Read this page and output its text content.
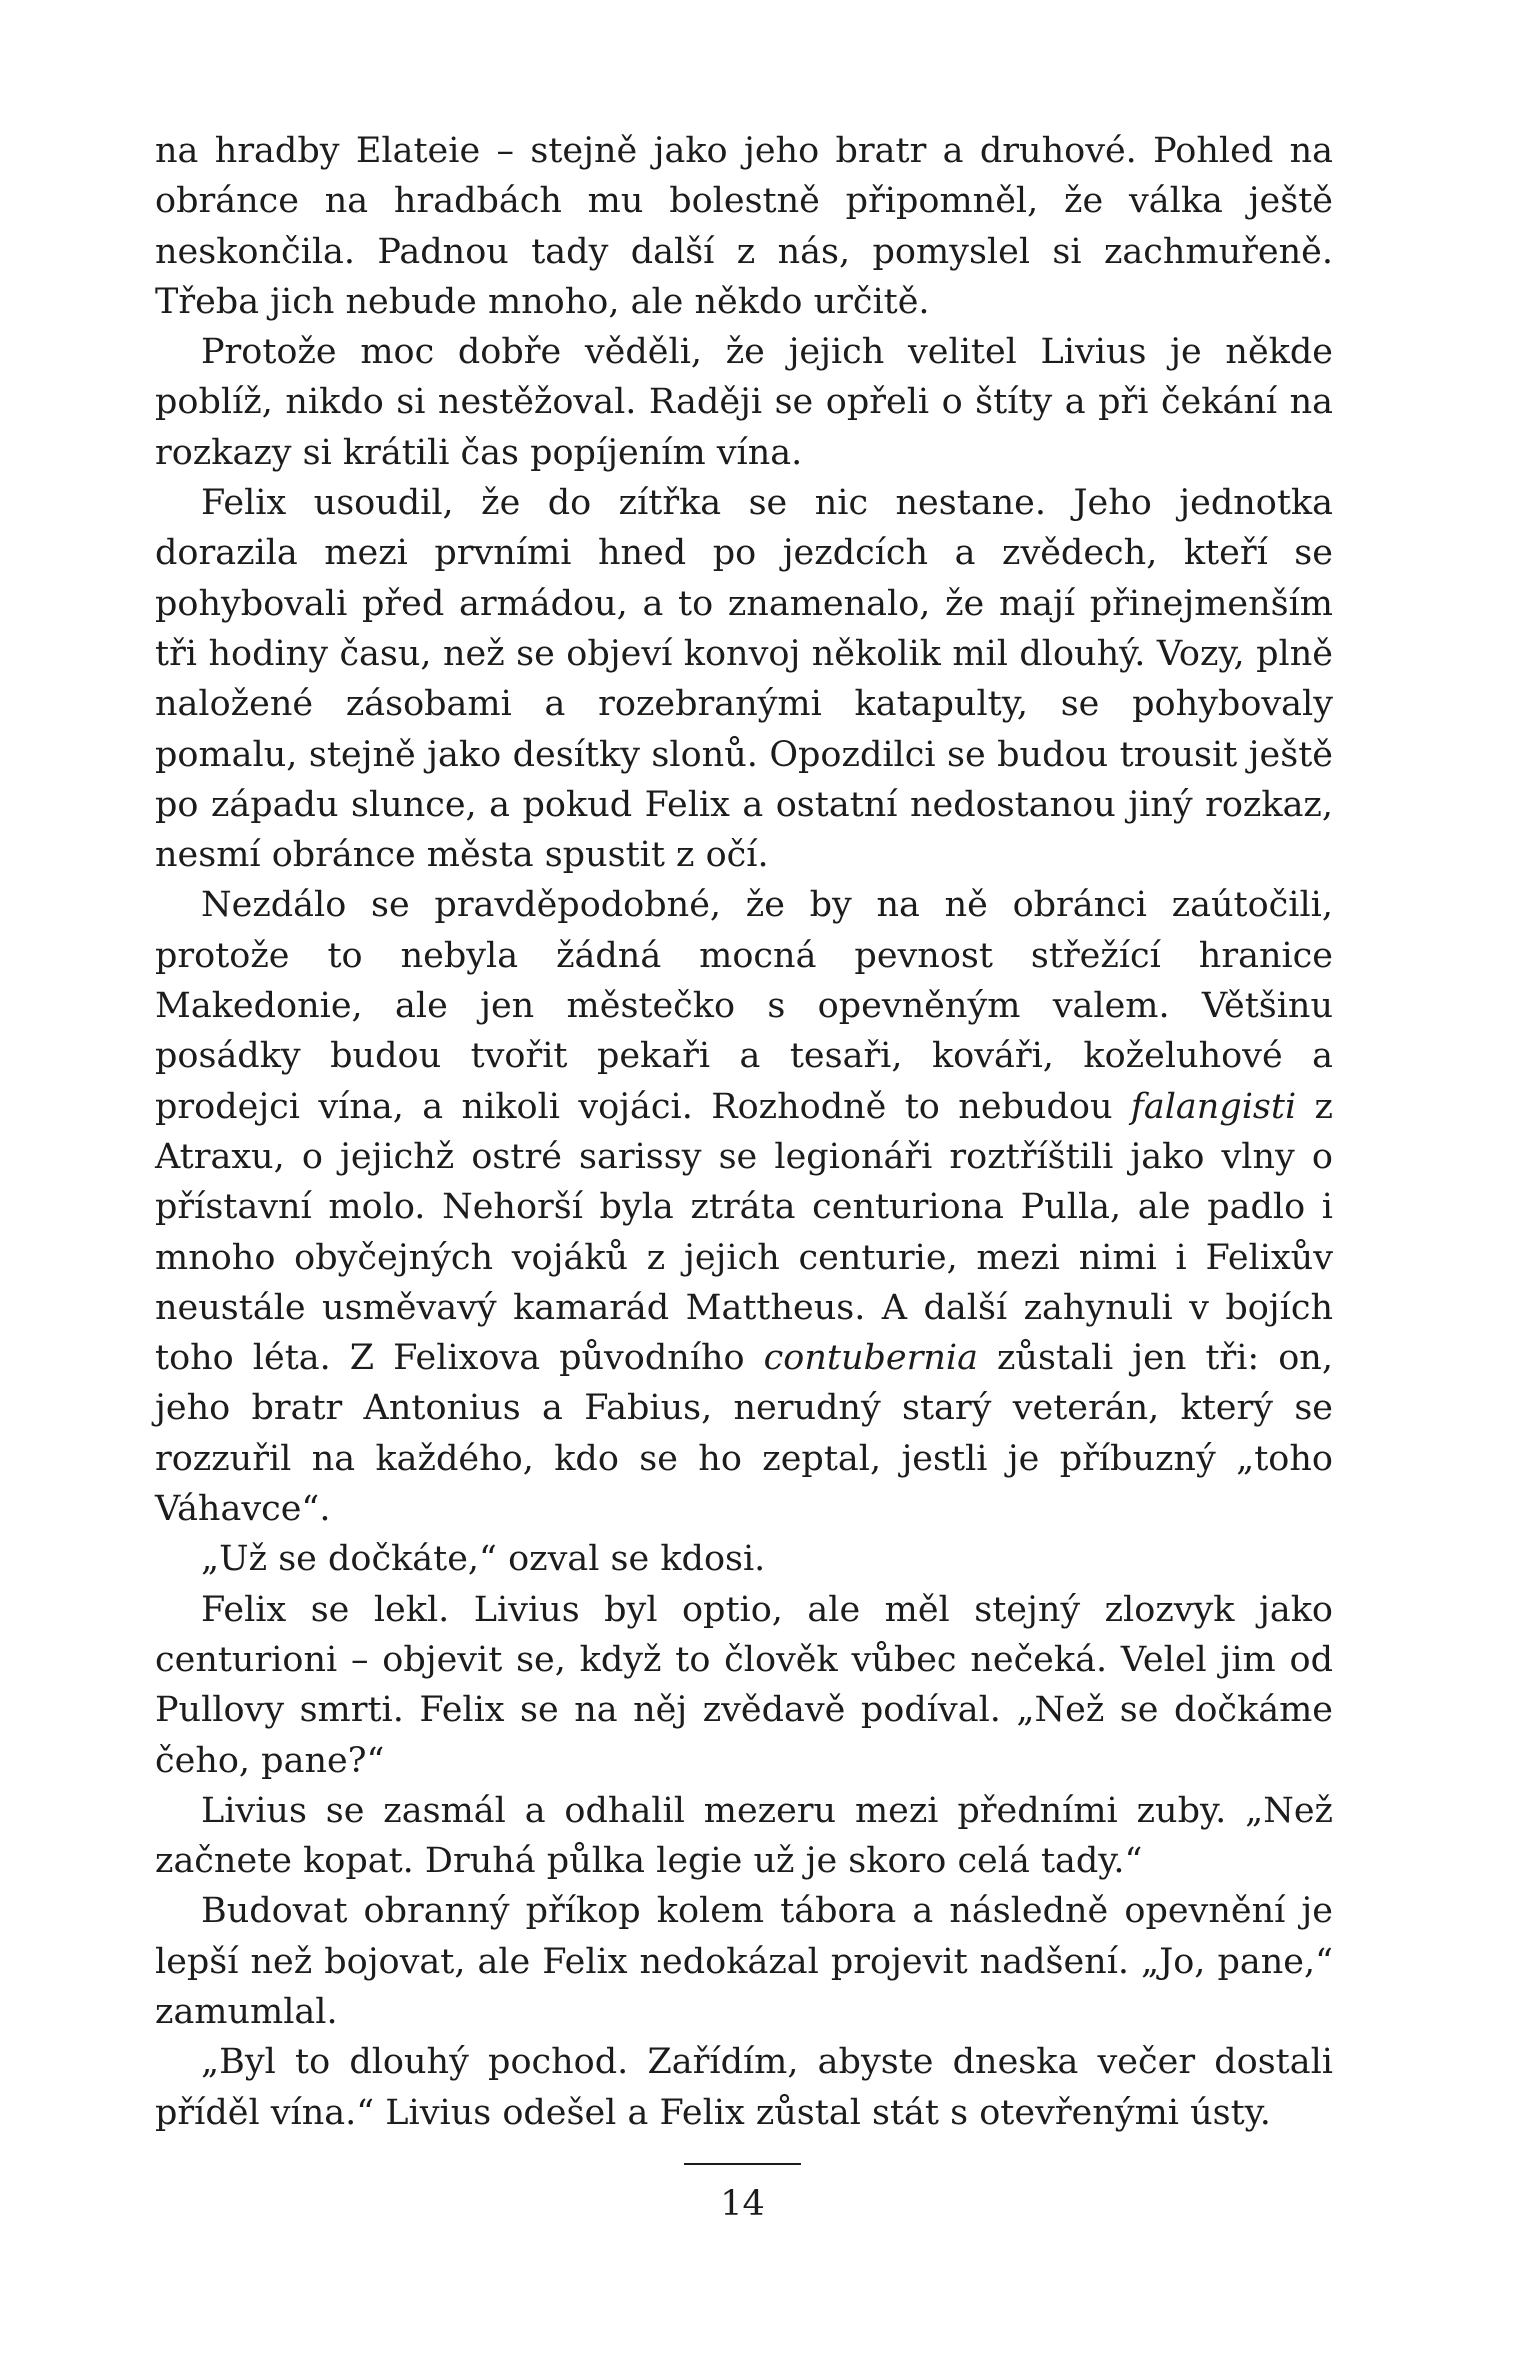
na hradby Elateie – stejně jako jeho bratr a druhové. Pohled na obránce na hradbách mu bolestně připomněl, že válka ještě neskončila. Padnou tady další z nás, pomyslel si zachmuřeně. Třeba jich nebude mnoho, ale někdo určitě.

Protože moc dobře věděli, že jejich velitel Livius je někde poblíž, nikdo si nestěžoval. Raději se opřeli o štíty a při čekání na rozkazy si krátili čas popíjením vína.

Felix usoudil, že do zítřka se nic nestane. Jeho jednotka dorazila mezi prvními hned po jezdcích a zvědech, kteří se pohybovali před armádou, a to znamenalo, že mají přinejmenším tři hodiny času, než se objeví konvoj několik mil dlouhý. Vozy, plně naložené zásobami a rozebranými katapulty, se pohybovaly pomalu, stejně jako desítky slonů. Opozdilci se budou trousit ještě po západu slunce, a pokud Felix a ostatní nedostanou jiný rozkaz, nesmí obránce města spustit z očí.

Nezdálo se pravděpodobné, že by na ně obránci zaútočili, protože to nebyla žádná mocná pevnost střežící hranice Makedonie, ale jen městečko s opevněným valem. Většinu posádky budou tvořit pekaři a tesaři, kováři, koželuhové a prodejci vína, a nikoli vojáci. Rozhodně to nebudou falangisti z Atraxu, o jejichž ostré sarissy se legionáři roztříštili jako vlny o přístavní molo. Nehorší byla ztráta centuriona Pulla, ale padlo i mnoho obyčejných vojáků z jejich centurie, mezi nimi i Felixův neustále usměvavý kamarád Mattheus. A další zahynuli v bojích toho léta. Z Felixova původního contubernia zůstali jen tři: on, jeho bratr Antonius a Fabius, nerudný starý veterán, který se rozzuřil na každého, kdo se ho zeptal, jestli je příbuzný „toho Váhavce“.

„Už se dočkáte,“ ozval se kdosi.

Felix se lekl. Livius byl optio, ale měl stejný zlozvyk jako centurioni – objevit se, když to člověk vůbec nečeká. Velel jim od Pullovy smrti. Felix se na něj zvědavě podíval. „Než se dočkáme čeho, pane?“

Livius se zasmál a odhalil mezeru mezi předními zuby. „Než začnete kopat. Druhá půlka legie už je skoro celá tady.“

Budovat obranný příkop kolem tábora a následně opevnění je lepší než bojovat, ale Felix nedokázal projevit nadšení. „Jo, pane,“ zamumlal.

„Byl to dlouhý pochod. Zařídím, abyste dneska večer dostali příděl vína.“ Livius odešel a Felix zůstal stát s otevřenými ústy.

14
